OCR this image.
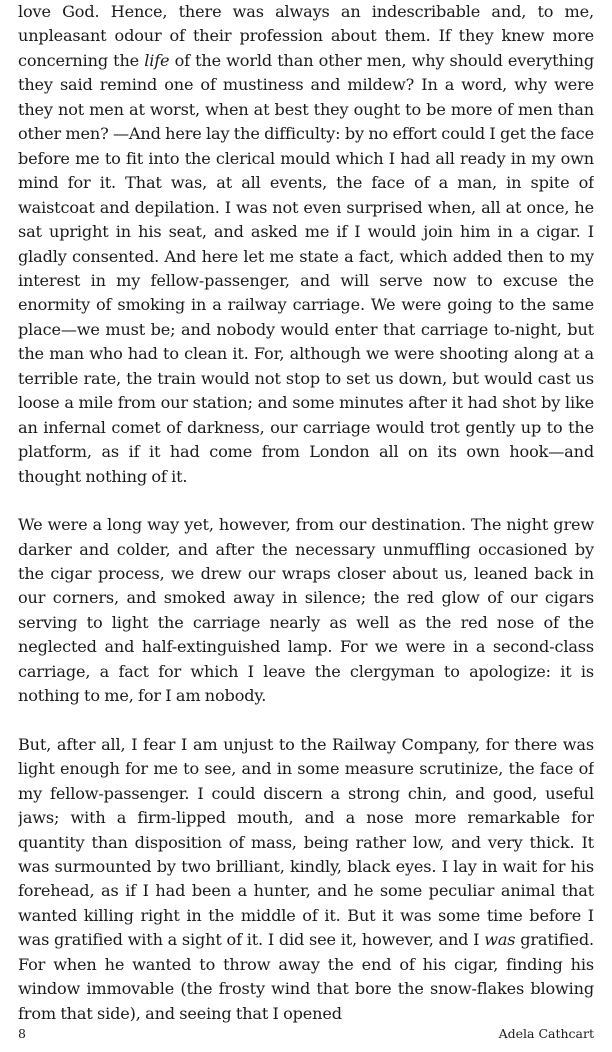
love God. Hence, there was always an indescribable and, to me, unpleasant odour of their profession about them. If they knew more concerning the life of the world than other men, why should everything they said remind one of mustiness and mildew? In a word, why were they not men at worst, when at best they ought to be more of men than other men? —And here lay the difficulty: by no effort could I get the face before me to fit into the clerical mould which I had all ready in my own mind for it. That was, at all events, the face of a man, in spite of waistcoat and depilation. I was not even surprised when, all at once, he sat upright in his seat, and asked me if I would join him in a cigar. I gladly consented. And here let me state a fact, which added then to my interest in my fellow-passenger, and will serve now to excuse the enormity of smoking in a railway carriage. We were going to the same place—we must be; and nobody would enter that carriage to-night, but the man who had to clean it. For, although we were shooting along at a terrible rate, the train would not stop to set us down, but would cast us loose a mile from our station; and some minutes after it had shot by like an infernal comet of darkness, our carriage would trot gently up to the platform, as if it had come from London all on its own hook—and thought nothing of it.

We were a long way yet, however, from our destination. The night grew darker and colder, and after the necessary unmuffling occasioned by the cigar process, we drew our wraps closer about us, leaned back in our corners, and smoked away in silence; the red glow of our cigars serving to light the carriage nearly as well as the red nose of the neglected and half-extinguished lamp. For we were in a second-class carriage, a fact for which I leave the clergyman to apologize: it is nothing to me, for I am nobody.

But, after all, I fear I am unjust to the Railway Company, for there was light enough for me to see, and in some measure scrutinize, the face of my fellow-passenger. I could discern a strong chin, and good, useful jaws; with a firm-lipped mouth, and a nose more remarkable for quantity than disposition of mass, being rather low, and very thick. It was surmounted by two brilliant, kindly, black eyes. I lay in wait for his forehead, as if I had been a hunter, and he some peculiar animal that wanted killing right in the middle of it. But it was some time before I was gratified with a sight of it. I did see it, however, and I was gratified. For when he wanted to throw away the end of his cigar, finding his window immovable (the frosty wind that bore the snow-flakes blowing from that side), and seeing that I opened

8	Adela Cathcart
